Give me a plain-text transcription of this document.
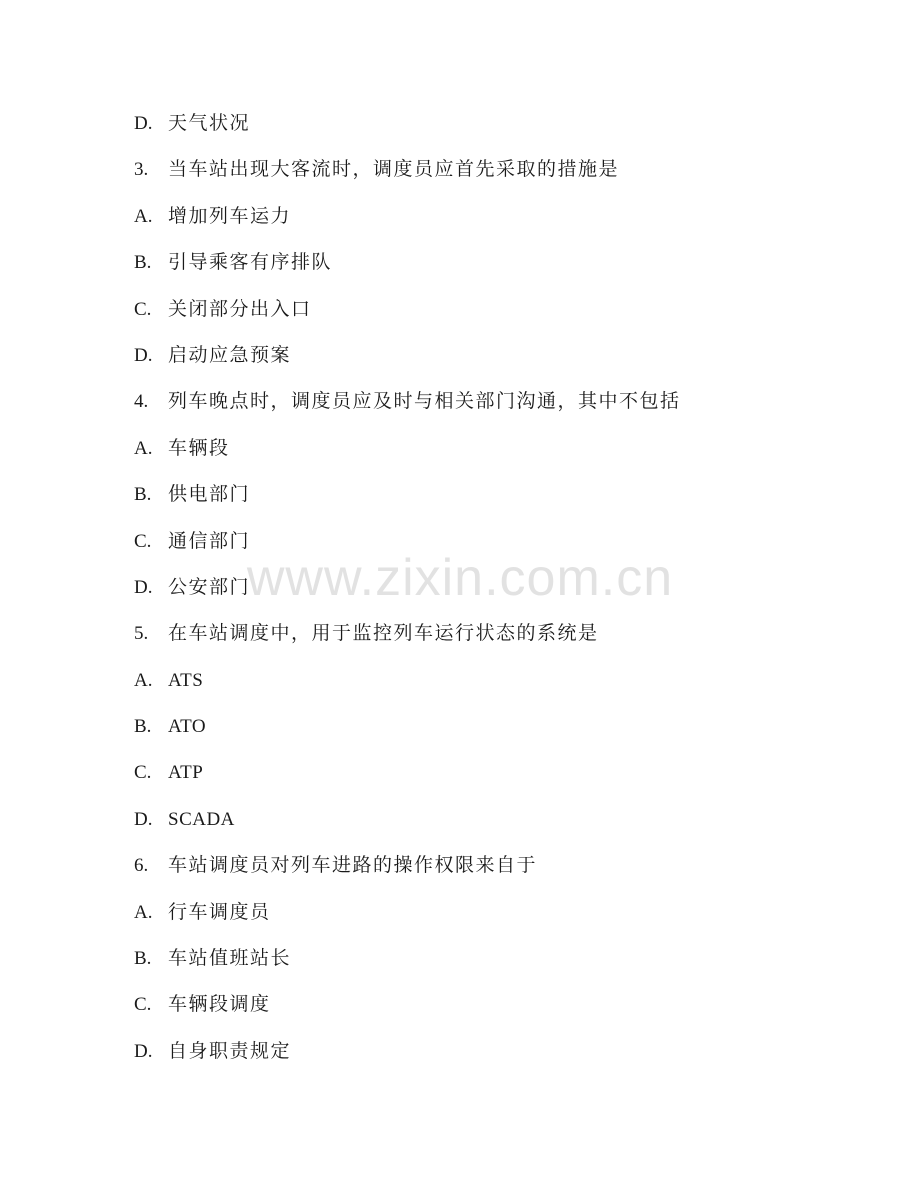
D. 天气状况
3. 当车站出现大客流时，调度员应首先采取的措施是
A. 增加列车运力
B. 引导乘客有序排队
C. 关闭部分出入口
D. 启动应急预案
4. 列车晚点时，调度员应及时与相关部门沟通，其中不包括
A. 车辆段
B. 供电部门
C. 通信部门
D. 公安部门
5. 在车站调度中，用于监控列车运行状态的系统是
A. ATS
B. ATO
C. ATP
D. SCADA
6. 车站调度员对列车进路的操作权限来自于
A. 行车调度员
B. 车站值班站长
C. 车辆段调度
D. 自身职责规定
www.zixin.com.cn
